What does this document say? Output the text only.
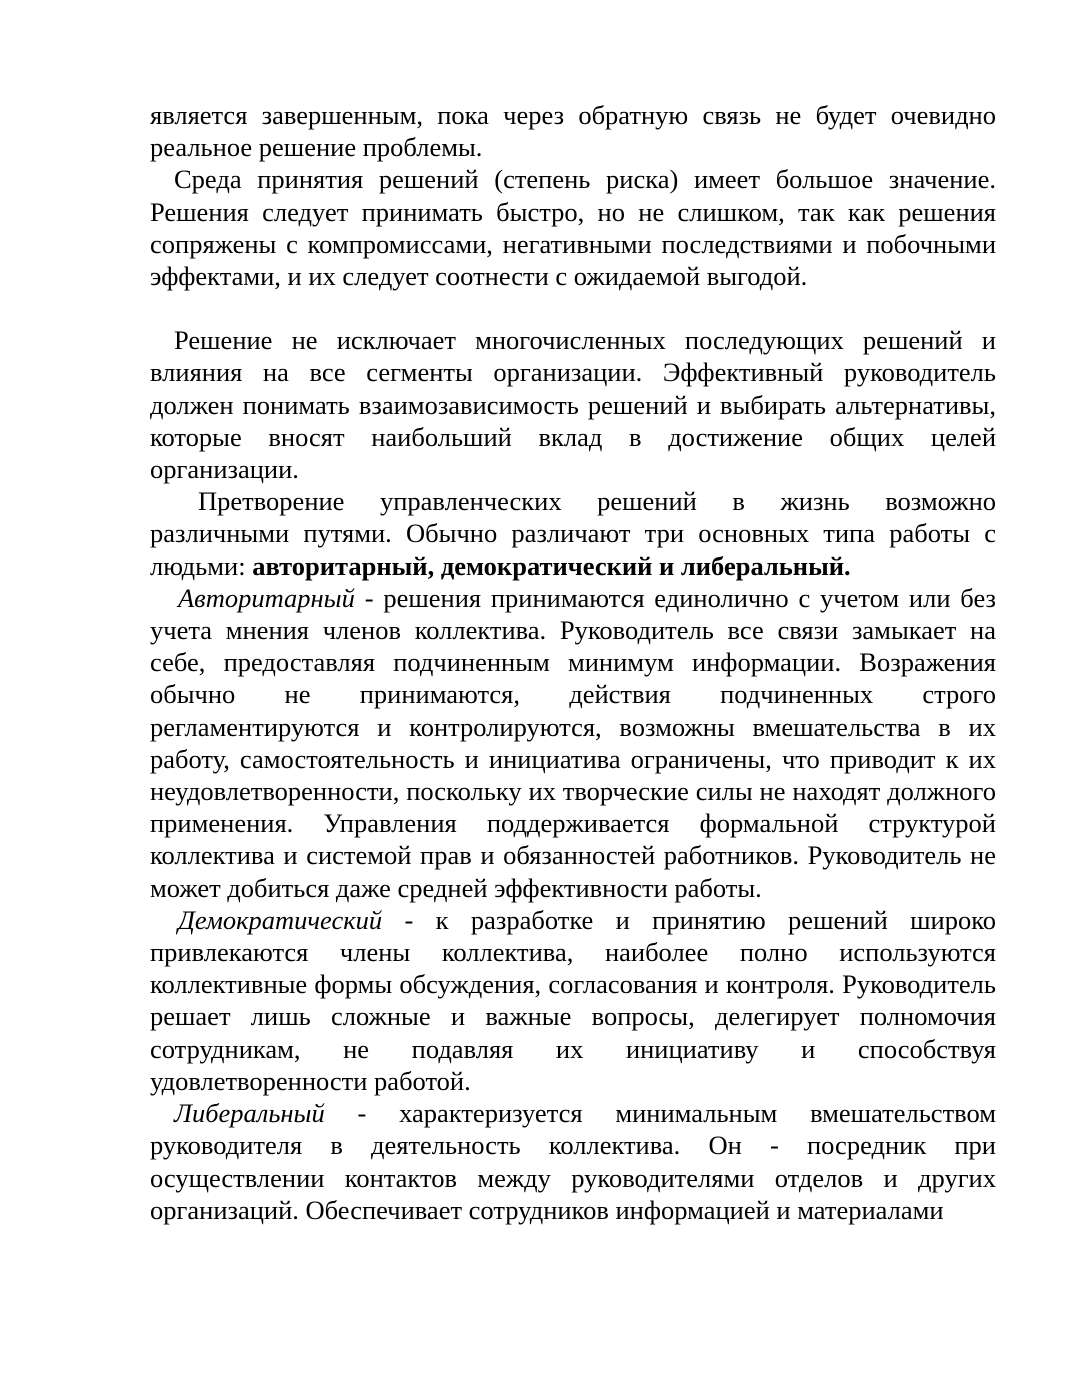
является завершенным, пока через обратную связь не будет очевидно реальное решение проблемы.

Среда принятия решений (степень риска) имеет большое значение. Решения следует принимать быстро, но не слишком, так как решения сопряжены с компромиссами, негативными последствиями и побочными эффектами, и их следует соотнести с ожидаемой выгодой.

Решение не исключает многочисленных последующих решений и влияния на все сегменты организации. Эффективный руководитель должен понимать взаимозависимость решений и выбирать альтернативы, которые вносят наибольший вклад в достижение общих целей организации.

Претворение управленческих решений в жизнь возможно различными путями. Обычно различают три основных типа работы с людьми: авторитарный, демократический и либеральный.

Авторитарный - решения принимаются единолично с учетом или без учета мнения членов коллектива. Руководитель все связи замыкает на себе, предоставляя подчиненным минимум информации. Возражения обычно не принимаются, действия подчиненных строго регламентируются и контролируются, возможны вмешательства в их работу, самостоятельность и инициатива ограничены, что приводит к их неудовлетворенности, поскольку их творческие силы не находят должного применения. Управления поддерживается формальной структурой коллектива и системой прав и обязанностей работников. Руководитель не может добиться даже средней эффективности работы.

Демократический - к разработке и принятию решений широко привлекаются члены коллектива, наиболее полно используются коллективные формы обсуждения, согласования и контроля. Руководитель решает лишь сложные и важные вопросы, делегирует полномочия сотрудникам, не подавляя их инициативу и способствуя удовлетворенности работой.

Либеральный - характеризуется минимальным вмешательством руководителя в деятельность коллектива. Он - посредник при осуществлении контактов между руководителями отделов и других организаций. Обеспечивает сотрудников информацией и материалами
